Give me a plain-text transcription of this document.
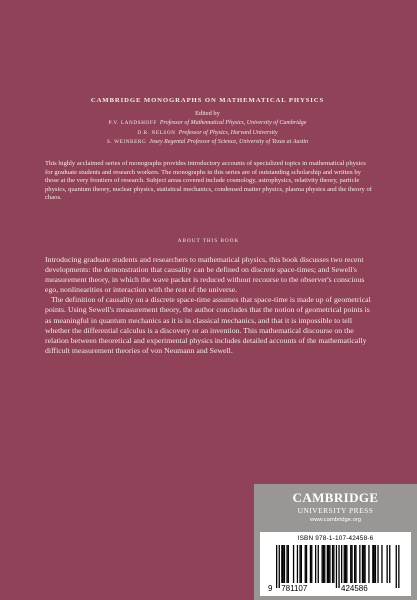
CAMBRIDGE MONOGRAPHS ON MATHEMATICAL PHYSICS

Edited by
P.V. LANDSHOFF Professor of Mathematical Physics, University of Cambridge
D.R. NELSON Professor of Physics, Harvard University
S. WEINBERG Josey Regental Professor of Science, University of Texas at Austin

This highly acclaimed series of monographs provides introductory accounts of specialized topics in mathematical physics for graduate students and research workers. The monographs in this series are of outstanding scholarship and written by those at the very frontiers of research. Subject areas covered include cosmology, astrophysics, relativity theory, particle physics, quantum theory, nuclear physics, statistical mechanics, condensed matter physics, plasma physics and the theory of chaos.

ABOUT THIS BOOK

Introducing graduate students and researchers to mathematical physics, this book discusses two recent developments: the demonstration that causality can be defined on discrete space-times; and Sewell's measurement theory, in which the wave packet is reduced without recourse to the observer's conscious ego, nonlinearities or interaction with the rest of the universe.

The definition of causality on a discrete space-time assumes that space-time is made up of geometrical points. Using Sewell's measurement theory, the author concludes that the notion of geometrical points is as meaningful in quantum mechanics as it is in classical mechanics, and that it is impossible to tell whether the differential calculus is a discovery or an invention. This mathematical discourse on the relation between theoretical and experimental physics includes detailed accounts of the mathematically difficult measurement theories of von Neumann and Sewell.

CAMBRIDGE

UNIVERSITY PRESS

www.cambridge.org

ISBN 978-1-107-42458-6
9 781107	424586
